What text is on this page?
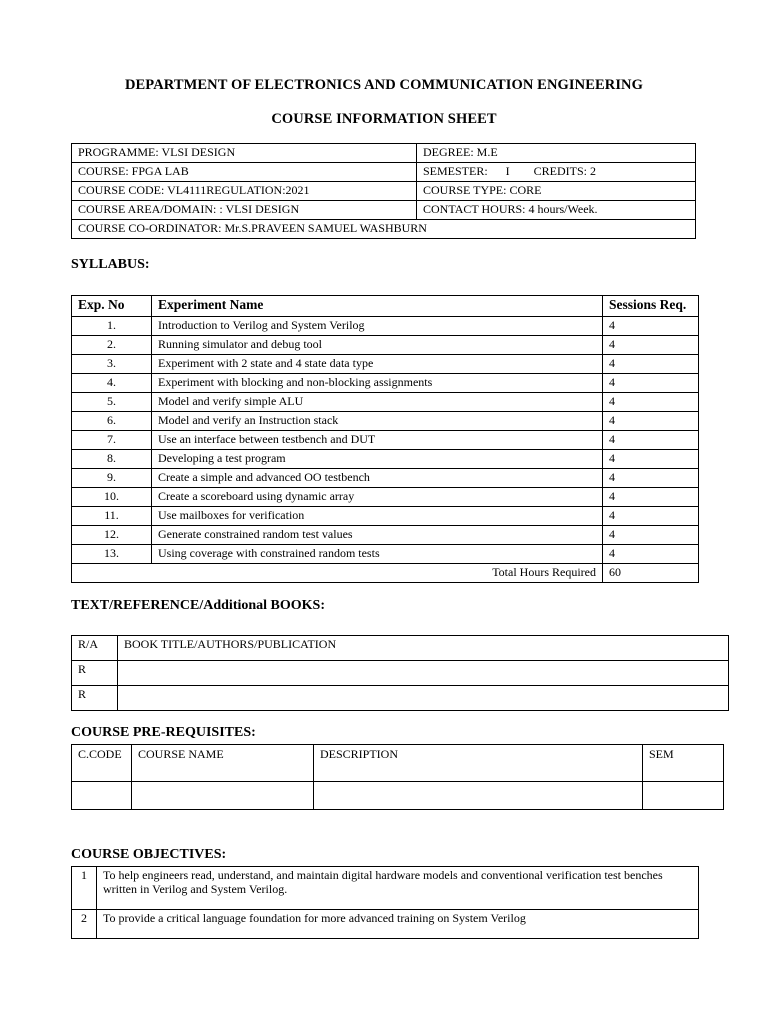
DEPARTMENT OF ELECTRONICS AND COMMUNICATION ENGINEERING
COURSE INFORMATION SHEET
PROGRAMME: VLSI DESIGN	DEGREE: M.E
COURSE: FPGA LAB	SEMESTER:      I        CREDITS: 2
COURSE CODE: VL4111REGULATION:2021	COURSE TYPE: CORE
COURSE AREA/DOMAIN: : VLSI DESIGN	CONTACT HOURS: 4 hours/Week.
COURSE CO-ORDINATOR: Mr.S.PRAVEEN SAMUEL WASHBURN	
SYLLABUS:
Exp. No	Experiment Name	Sessions Req.
1.	Introduction to Verilog and System Verilog	4
2.	Running simulator and debug tool	4
3.	Experiment with 2 state and 4 state data type	4
4.	Experiment with blocking and non-blocking assignments	4
5.	Model and verify simple ALU	4
6.	Model and verify an Instruction stack	4
7.	Use an interface between testbench and DUT	4
8.	Developing a test program	4
9.	Create a simple and advanced OO testbench	4
10.	Create a scoreboard using dynamic array	4
11.	Use mailboxes for verification	4
12.	Generate constrained random test values	4
13.	Using coverage with constrained random tests	4
Total Hours Required		60
TEXT/REFERENCE/Additional BOOKS:
R/A	BOOK TITLE/AUTHORS/PUBLICATION
R	
R	
COURSE PRE-REQUISITES:
C.CODE	COURSE NAME	DESCRIPTION	SEM

COURSE OBJECTIVES:
1	To help engineers read, understand, and maintain digital hardware models and conventional verification test benches written in Verilog and System Verilog.
2	To provide a critical language foundation for more advanced training on System Verilog
